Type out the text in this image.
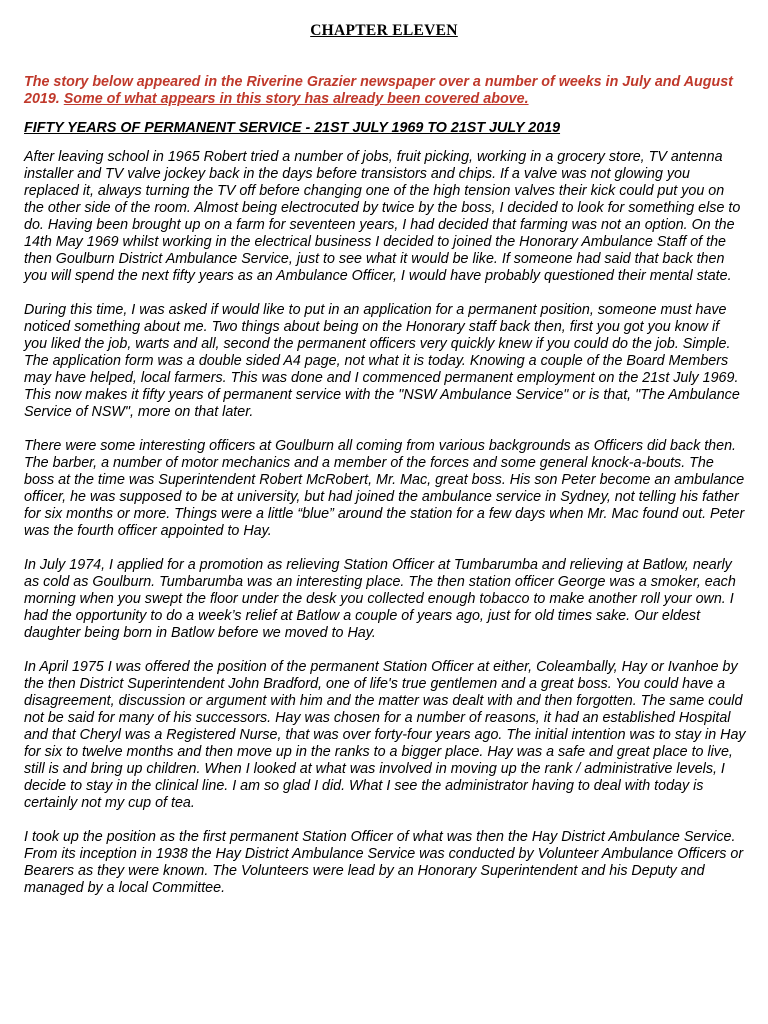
CHAPTER ELEVEN

The story below appeared in the Riverine Grazier newspaper over a number of weeks in July and August 2019. Some of what appears in this story has already been covered above.

FIFTY YEARS OF PERMANENT SERVICE - 21ST JULY 1969 TO 21ST JULY 2019

After leaving school in 1965 Robert tried a number of jobs, fruit picking, working in a grocery store, TV antenna installer and TV valve jockey back in the days before transistors and chips. If a valve was not glowing you replaced it, always turning the TV off before changing one of the high tension valves their kick could put you on the other side of the room. Almost being electrocuted by twice by the boss, I decided to look for something else to do. Having been brought up on a farm for seventeen years, I had decided that farming was not an option. On the 14th May 1969 whilst working in the electrical business I decided to joined the Honorary Ambulance Staff of the then Goulburn District Ambulance Service, just to see what it would be like. If someone had said that back then you will spend the next fifty years as an Ambulance Officer, I would have probably questioned their mental state.

During this time, I was asked if would like to put in an application for a permanent position, someone must have noticed something about me. Two things about being on the Honorary staff back then, first you got you know if you liked the job, warts and all, second the permanent officers very quickly knew if you could do the job. Simple. The application form was a double sided A4 page, not what it is today. Knowing a couple of the Board Members may have helped, local farmers. This was done and I commenced permanent employment on the 21st July 1969. This now makes it fifty years of permanent service with the "NSW Ambulance Service" or is that, "The Ambulance Service of NSW", more on that later.

There were some interesting officers at Goulburn all coming from various backgrounds as Officers did back then. The barber, a number of motor mechanics and a member of the forces and some general knock-a-bouts. The boss at the time was Superintendent Robert McRobert, Mr. Mac, great boss. His son Peter become an ambulance officer, he was supposed to be at university, but had joined the ambulance service in Sydney, not telling his father for six months or more. Things were a little “blue” around the station for a few days when Mr. Mac found out. Peter was the fourth officer appointed to Hay.

In July 1974, I applied for a promotion as relieving Station Officer at Tumbarumba and relieving at Batlow, nearly as cold as Goulburn. Tumbarumba was an interesting place. The then station officer George was a smoker, each morning when you swept the floor under the desk you collected enough tobacco to make another roll your own. I had the opportunity to do a week’s relief at Batlow a couple of years ago, just for old times sake. Our eldest daughter being born in Batlow before we moved to Hay.

In April 1975 I was offered the position of the permanent Station Officer at either, Coleambally, Hay or Ivanhoe by the then District Superintendent John Bradford, one of life's true gentlemen and a great boss. You could have a disagreement, discussion or argument with him and the matter was dealt with and then forgotten. The same could not be said for many of his successors. Hay was chosen for a number of reasons, it had an established Hospital and that Cheryl was a Registered Nurse, that was over forty-four years ago. The initial intention was to stay in Hay for six to twelve months and then move up in the ranks to a bigger place. Hay was a safe and great place to live, still is and bring up children. When I looked at what was involved in moving up the rank / administrative levels, I decide to stay in the clinical line. I am so glad I did. What I see the administrator having to deal with today is certainly not my cup of tea.

I took up the position as the first permanent Station Officer of what was then the Hay District Ambulance Service. From its inception in 1938 the Hay District Ambulance Service was conducted by Volunteer Ambulance Officers or Bearers as they were known. The Volunteers were lead by an Honorary Superintendent and his Deputy and managed by a local Committee.
